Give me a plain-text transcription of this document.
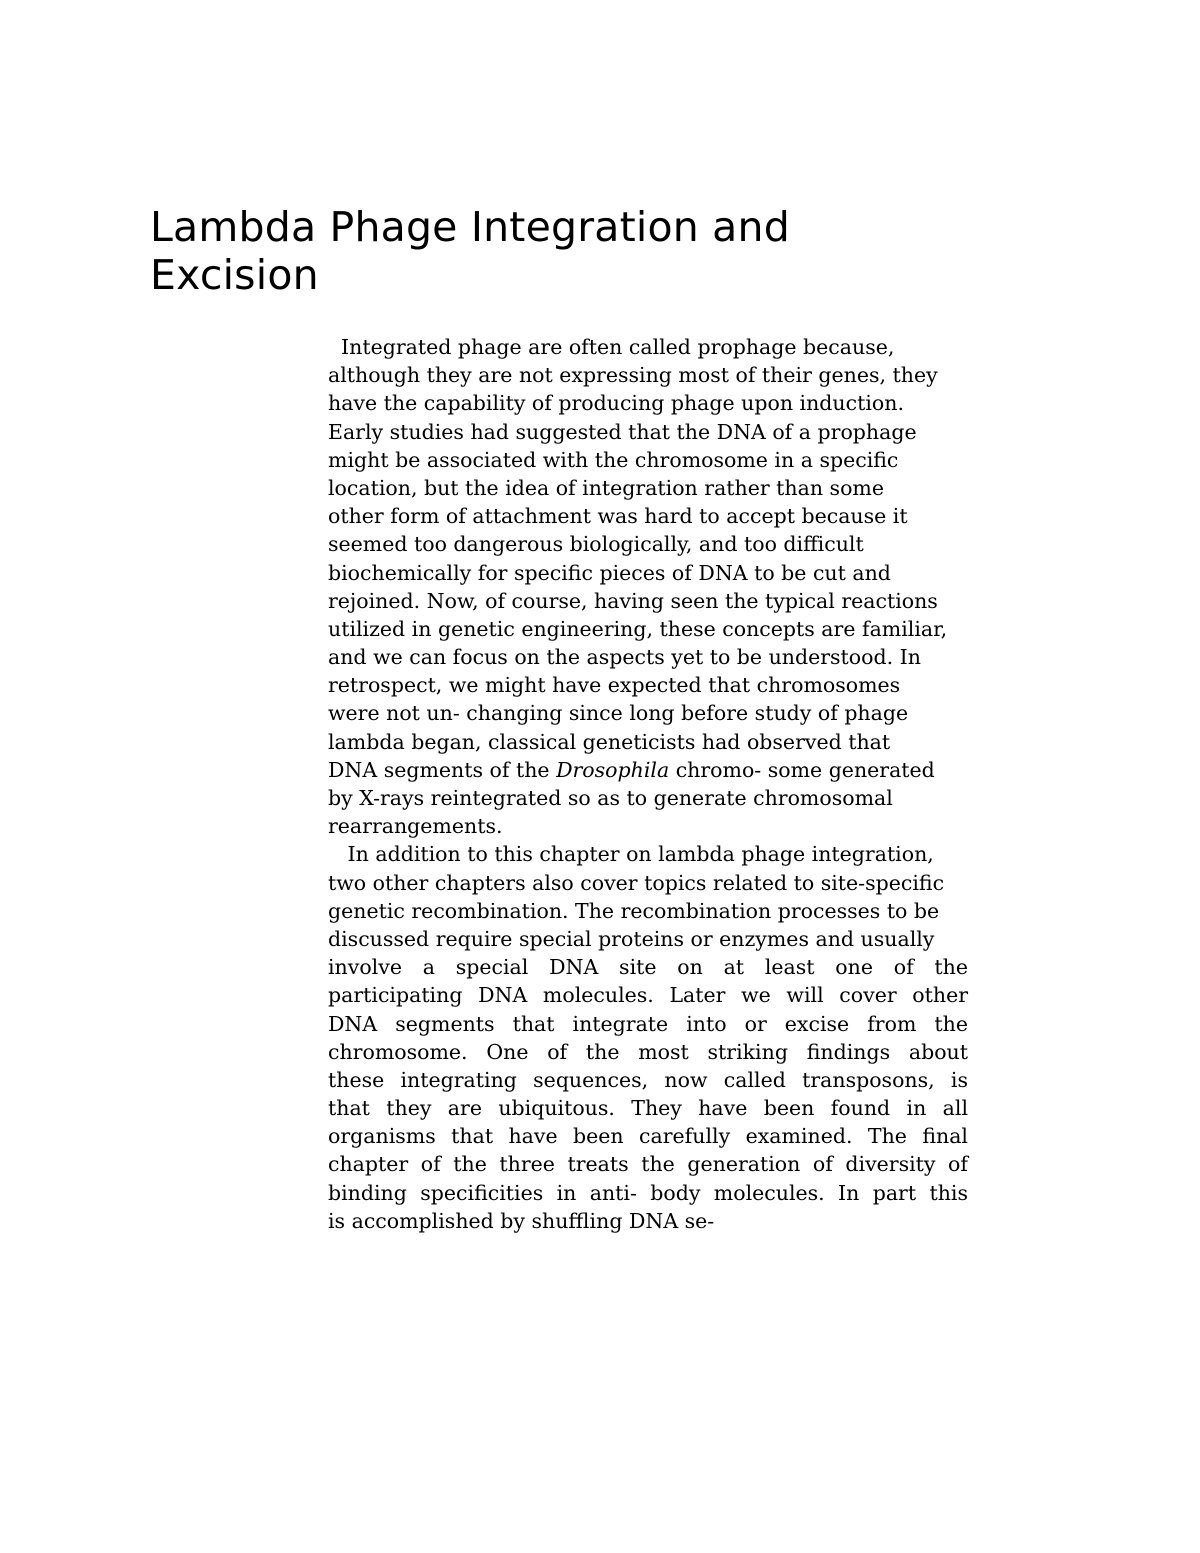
Lambda Phage Integration and Excision
Integrated phage are often called prophage because,
although they are not expressing most of their genes, they
have the capability of producing phage upon induction.
Early studies had suggested that the DNA of a prophage
might be associated with the chromosome in a specific
location, but the idea of integration rather than some
other form of attachment was hard to accept because it
seemed too dangerous biologically, and too difficult
biochemically for specific pieces of DNA to be cut and
rejoined. Now, of course, having seen the typical reactions
utilized in genetic engineering, these concepts are familiar,
and we can focus on the aspects yet to be understood. In
retrospect, we might have expected that chromosomes
were not un- changing since long before study of phage
lambda began, classical geneticists had observed that
DNA segments of the Drosophila chromo- some generated
by X-rays reintegrated so as to generate chromosomal
rearrangements.
In addition to this chapter on lambda phage integration,
two other chapters also cover topics related to site-specific
genetic recombination. The recombination processes to be
discussed require special proteins or enzymes and usually
involve a special DNA site on at least one of the
participating DNA molecules. Later we will cover other
DNA segments that integrate into or excise from the
chromosome. One of the most striking findings about
these integrating sequences, now called transposons, is
that they are ubiquitous. They have been found in all
organisms that have been carefully examined. The final
chapter of the three treats the generation of diversity of
binding specificities in anti- body molecules. In part this
is accomplished by shuffling DNA se-
